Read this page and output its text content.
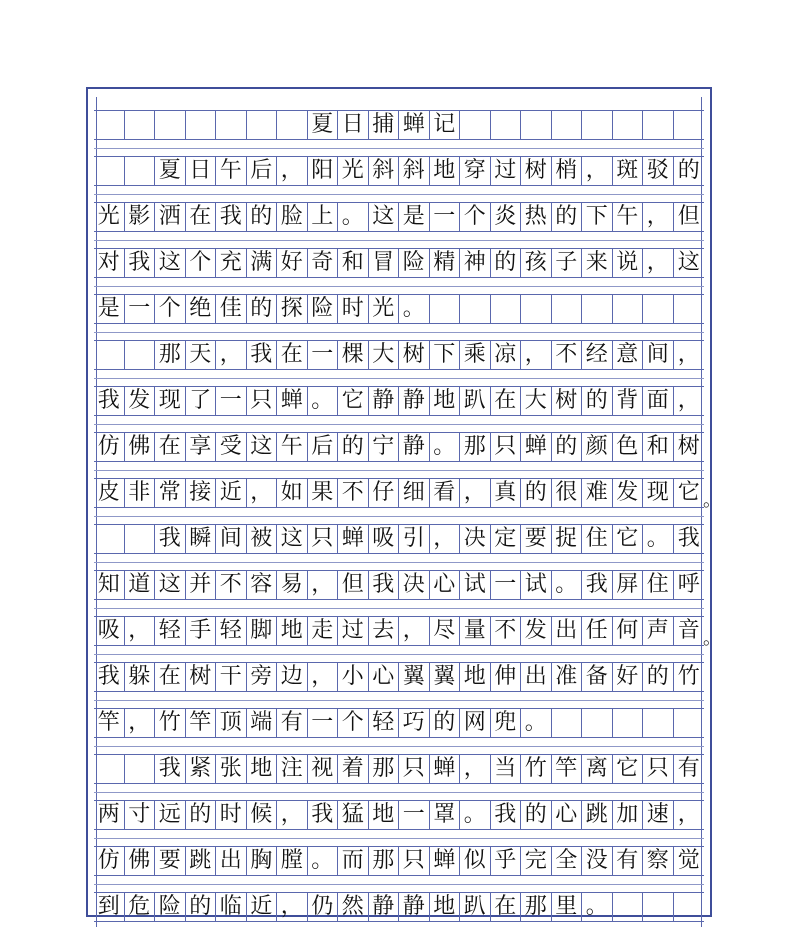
夏 日 捕 蝉 记
夏 日 午 后 ， 阳 光 斜 斜 地 穿 过 树 梢 ， 斑 驳 的
光 影 洒 在 我 的 脸 上 。 这 是 一 个 炎 热 的 下 午 ， 但
对 我 这 个 充 满 好 奇 和 冒 险 精 神 的 孩 子 来 说 ， 这
是 一 个 绝 佳 的 探 险 时 光 。
那 天 ， 我 在 一 棵 大 树 下 乘 凉 ， 不 经 意 间 ，
我 发 现 了 一 只 蝉 。 它 静 静 地 趴 在 大 树 的 背 面 ，
仿 佛 在 享 受 这 午 后 的 宁 静 。 那 只 蝉 的 颜 色 和 树
皮 非 常 接 近 ， 如 果 不 仔 细 看 ， 真 的 很 难 发 现 它
我 瞬 间 被 这 只 蝉 吸 引 ， 决 定 要 捉 住 它 。 我
知 道 这 并 不 容 易 ， 但 我 决 心 试 一 试 。 我 屏 住 呼
吸 ， 轻 手 轻 脚 地 走 过 去 ， 尽 量 不 发 出 任 何 声 音
我 躲 在 树 干 旁 边 ， 小 心 翼 翼 地 伸 出 准 备 好 的 竹
竿 ， 竹 竿 顶 端 有 一 个 轻 巧 的 网 兜 。
我 紧 张 地 注 视 着 那 只 蝉 ， 当 竹 竿 离 它 只 有
两 寸 远 的 时 候 ， 我 猛 地 一 罩 。 我 的 心 跳 加 速 ，
仿 佛 要 跳 出 胸 膛 。 而 那 只 蝉 似 乎 完 全 没 有 察 觉
到 危 险 的 临 近 ， 仍 然 静 静 地 趴 在 那 里 。
。
。
